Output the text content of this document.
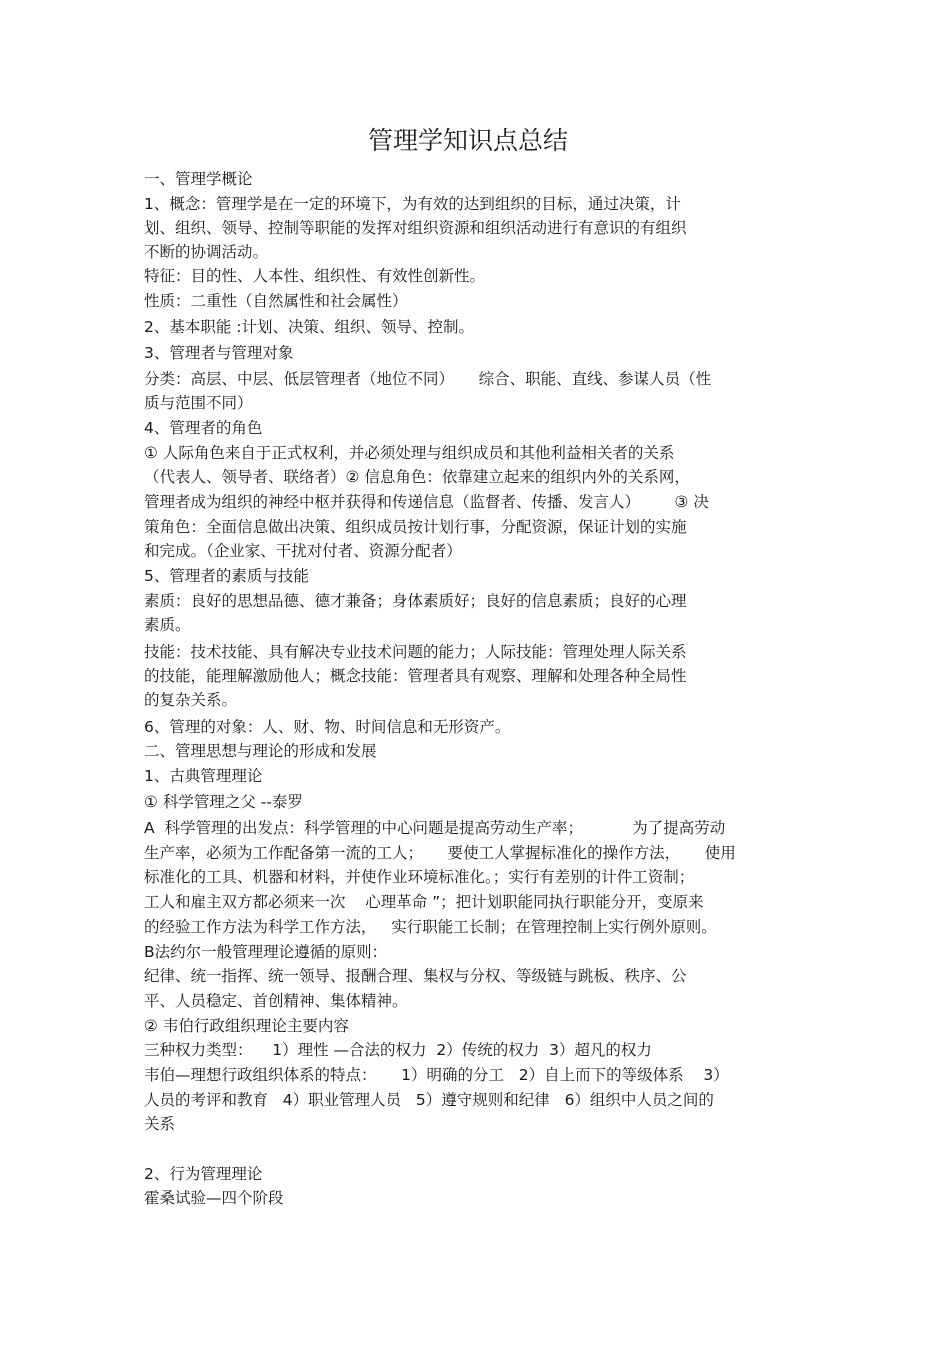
管理学知识点总结
一、管理学概论
1、概念：管理学是在一定的环境下，为有效的达到组织的目标，通过决策，计
划、组织、领导、控制等职能的发挥对组织资源和组织活动进行有意识的有组织
不断的协调活动。
特征：目的性、人本性、组织性、有效性创新性。
性质：二重性（自然属性和社会属性）
2、基本职能 :计划、决策、组织、领导、控制。
3、管理者与管理对象
分类：高层、中层、低层管理者（地位不同）     综合、职能、直线、参谋人员（性
质与范围不同）
4、管理者的角色
① 人际角色来自于正式权利，并必须处理与组织成员和其他利益相关者的关系
（代表人、领导者、联络者）② 信息角色：依靠建立起来的组织内外的关系网，
管理者成为组织的神经中枢并获得和传递信息（监督者、传播、发言人）       ③ 决
策角色：全面信息做出决策、组织成员按计划行事，分配资源，保证计划的实施
和完成。（企业家、干扰对付者、资源分配者）
5、管理者的素质与技能
素质：良好的思想品德、德才兼备；身体素质好；良好的信息素质；良好的心理
素质。
技能：技术技能、具有解决专业技术问题的能力；人际技能：管理处理人际关系
的技能，能理解激励他人；概念技能：管理者具有观察、理解和处理各种全局性
的复杂关系。
6、管理的对象：人、财、物、时间信息和无形资产。
二、管理思想与理论的形成和发展
1、古典管理理论
① 科学管理之父 --泰罗
A  科学管理的出发点：科学管理的中心问题是提高劳动生产率；          为了提高劳动
生产率，必须为工作配备第一流的工人；     要使工人掌握标准化的操作方法，     使用
标准化的工具、机器和材料，并使作业环境标准化。；实行有差别的计件工资制；
工人和雇主双方都必须来一次    心理革命 ”；把计划职能同执行职能分开，变原来
的经验工作方法为科学工作方法，   实行职能工长制；在管理控制上实行例外原则。
B法约尔一般管理理论遵循的原则：
纪律、统一指挥、统一领导、报酬合理、集权与分权、等级链与跳板、秩序、公
平、人员稳定、首创精神、集体精神。
② 韦伯行政组织理论主要内容
三种权力类型：    1）理性 —合法的权力  2）传统的权力  3）超凡的权力
韦伯—理想行政组织体系的特点：     1）明确的分工   2）自上而下的等级体系    3）
人员的考评和教育   4）职业管理人员   5）遵守规则和纪律   6）组织中人员之间的
关系
2、行为管理理论
霍桑试验—四个阶段
